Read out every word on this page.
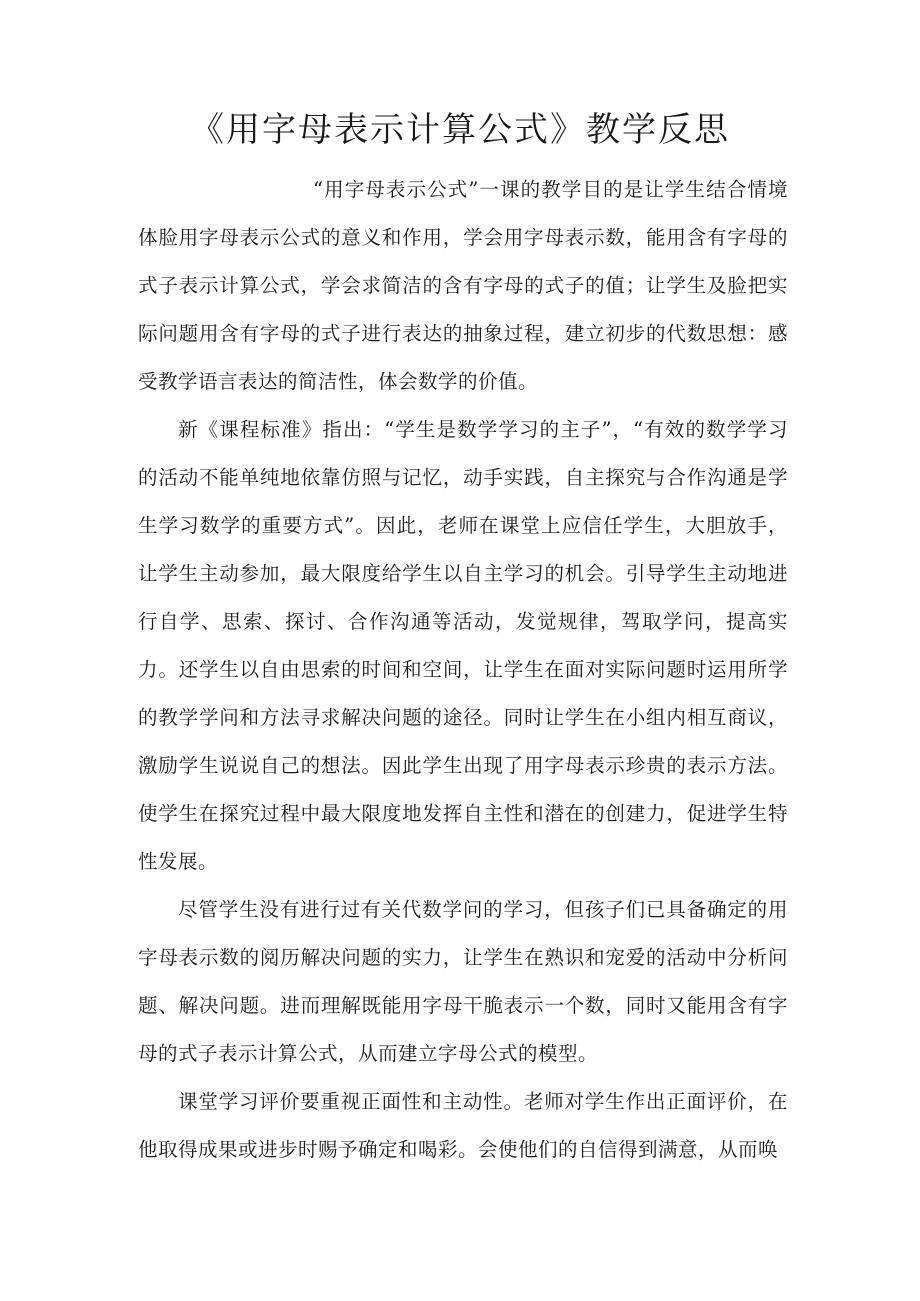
《用字母表示计算公式》教学反思

“用字母表示公式”一课的教学目的是让学生结合情境体脸用字母表示公式的意义和作用，学会用字母表示数，能用含有字母的式子表示计算公式，学会求简洁的含有字母的式子的值；让学生及脸把实际问题用含有字母的式子进行表达的抽象过程，建立初步的代数思想：感受教学语言表达的简洁性，体会数学的价值。

新《课程标准》指出：“学生是数学学习的主子”，“有效的数学学习的活动不能单纯地依靠仿照与记忆，动手实践，自主探究与合作沟通是学生学习数学的重要方式”。因此，老师在课堂上应信任学生，大胆放手，让学生主动参加，最大限度给学生以自主学习的机会。引导学生主动地进行自学、思索、探讨、合作沟通等活动，发觉规律，驾取学问，提高实力。还学生以自由思索的时间和空间，让学生在面对实际问题时运用所学的教学学问和方法寻求解决问题的途径。同时让学生在小组内相互商议，激励学生说说自己的想法。因此学生出现了用字母表示珍贵的表示方法。使学生在探究过程中最大限度地发挥自主性和潜在的创建力，促进学生特性发展。

尽管学生没有进行过有关代数学问的学习，但孩子们已具备确定的用字母表示数的阅历解决问题的实力，让学生在熟识和宠爱的活动中分析问题、解决问题。进而理解既能用字母干脆表示一个数，同时又能用含有字母的式子表示计算公式，从而建立字母公式的模型。

课堂学习评价要重视正面性和主动性。老师对学生作出正面评价，在他取得成果或进步时赐予确定和喝彩。会使他们的自信得到满意，从而唤
